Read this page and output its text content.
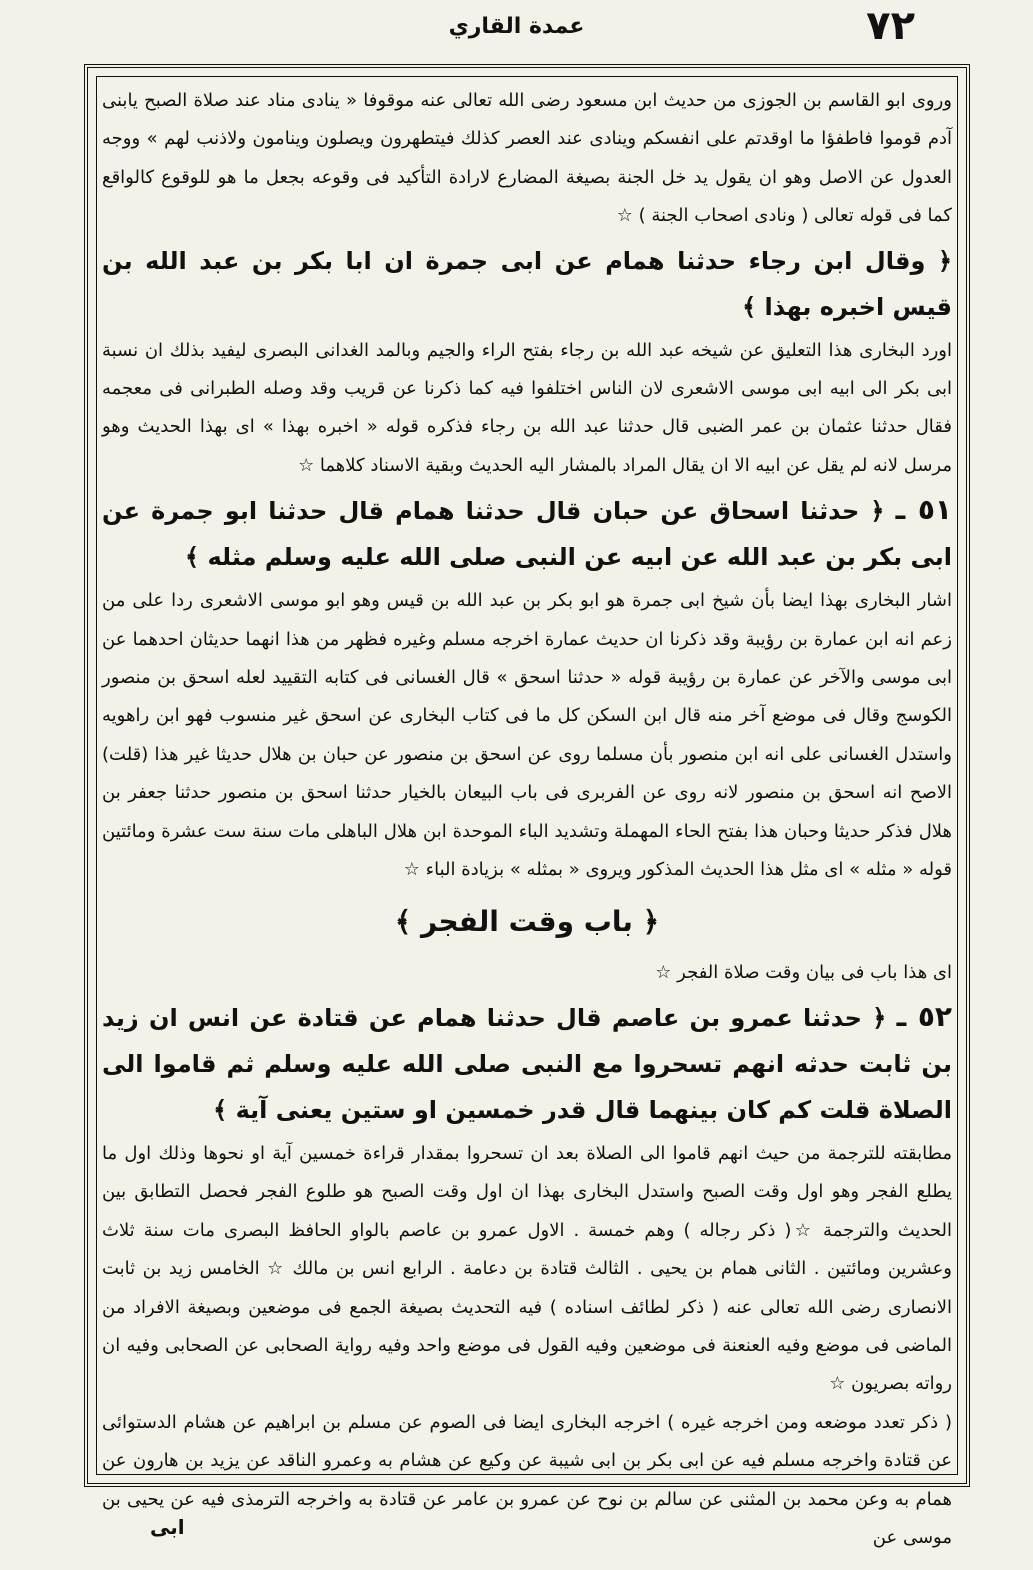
٧٢
عمدة القاري

وروی ابو القاسم بن الجوزی من حدیث ابن مسعود رضی الله تعالی عنه موقوفا « ینادی مناد عند صلاة الصبح یابنی آدم قوموا فاطفؤا ما اوقدتم علی انفسکم وینادی عند العصر کذلك فیتطهرون ویصلون وینامون ولاذنب لهم » ووجه العدول عن الاصل وهو ان یقول ید خل الجنة بصیغة المضارع لارادة التأکید فی وقوعه بجعل ما هو للوقوع کالواقع کما فی قوله تعالی ( ونادی اصحاب الجنة ) ☆

﴿ وقال ابن رجاء حدثنا همام عن ابی جمرة ان ابا بکر بن عبد الله بن قیس اخبره بهذا ﴾

اورد البخاری هذا التعلیق عن شیخه عبد الله بن رجاء بفتح الراء والجیم وبالمد الغدانی البصری لیفید بذلك ان نسبة ابی بکر الی ابیه ابی موسی الاشعری لان الناس اختلفوا فیه کما ذکرنا عن قریب وقد وصله الطبرانی فی معجمه فقال حدثنا عثمان بن عمر الضبی قال حدثنا عبد الله بن رجاء فذکره قوله « اخبره بهذا » ای بهذا الحدیث وهو مرسل لانه لم یقل عن ابیه الا ان یقال المراد بالمشار الیه الحدیث وبقیة الاسناد کلاهما ☆

٥١ ـ ﴿ حدثنا اسحاق عن حبان قال حدثنا همام قال حدثنا ابو جمرة عن ابی بکر بن عبد الله عن ابیه عن النبی صلی الله علیه وسلم مثله ﴾

اشار البخاری بهذا ایضا بأن شیخ ابی جمرة هو ابو بکر بن عبد الله بن قیس وهو ابو موسی الاشعری ردا علی من زعم انه ابن عمارة بن رؤیبة وقد ذکرنا ان حدیث عمارة اخرجه مسلم وغیره فظهر من هذا انهما حدیثان احدهما عن ابی موسی والآخر عن عمارة بن رؤیبة قوله « حدثنا اسحق » قال الغسانی فی کتابه التقیید لعله اسحق بن منصور الکوسج وقال فی موضع آخر منه قال ابن السکن کل ما فی کتاب البخاری عن اسحق غیر منسوب فهو ابن راهویه واستدل الغسانی علی انه ابن منصور بأن مسلما روی عن اسحق بن منصور عن حبان بن هلال حدیثا غیر هذا (قلت) الاصح انه اسحق بن منصور لانه روی عن الفربری فی باب البیعان بالخیار حدثنا اسحق بن منصور حدثنا جعفر بن هلال فذکر حدیثا وحبان هذا بفتح الحاء المهملة وتشدید الباء الموحدة ابن هلال الباهلی مات سنة ست عشرة ومائتین قوله « مثله » ای مثل هذا الحدیث المذکور ویروی « بمثله » بزیادة الباء ☆

﴿ باب وقت الفجر ﴾

ای هذا باب فی بیان وقت صلاة الفجر ☆

٥٢ ـ ﴿ حدثنا عمرو بن عاصم قال حدثنا همام عن قتادة عن انس ان زید بن ثابت حدثه انهم تسحروا مع النبی صلی الله علیه وسلم ثم قاموا الی الصلاة قلت کم کان بینهما قال قدر خمسین او ستین یعنی آیة ﴾

مطابقته للترجمة من حیث انهم قاموا الی الصلاة بعد ان تسحروا بمقدار قراءة خمسین آیة او نحوها وذلك اول ما یطلع الفجر وهو اول وقت الصبح واستدل البخاری بهذا ان اول وقت الصبح هو طلوع الفجر فحصل التطابق بین الحدیث والترجمة ☆( ذکر رجاله ) وهم خمسة . الاول عمرو بن عاصم بالواو الحافظ البصری مات سنة ثلاث وعشرین ومائتین . الثانی همام بن یحیی . الثالث قتادة بن دعامة . الرابع انس بن مالك ☆ الخامس زید بن ثابت الانصاری رضی الله تعالی عنه ( ذکر لطائف اسناده ) فیه التحدیث بصیغة الجمع فی موضعین وبصیغة الافراد من الماضی فی موضع وفیه العنعنة فی موضعین وفیه القول فی موضع واحد وفیه روایة الصحابی عن الصحابی وفیه ان رواته بصریون ☆

( ذکر تعدد موضعه ومن اخرجه غیره ) اخرجه البخاری ایضا فی الصوم عن مسلم بن ابراهیم عن هشام الدستوائی عن قتادة واخرجه مسلم فیه عن ابی بکر بن ابی شیبة عن وکیع عن هشام به وعمرو الناقد عن یزید بن هارون عن همام به وعن محمد بن المثنی عن سالم بن نوح عن عمرو بن عامر عن قتادة به واخرجه الترمذی فیه عن یحیی بن موسی عن

ابی
